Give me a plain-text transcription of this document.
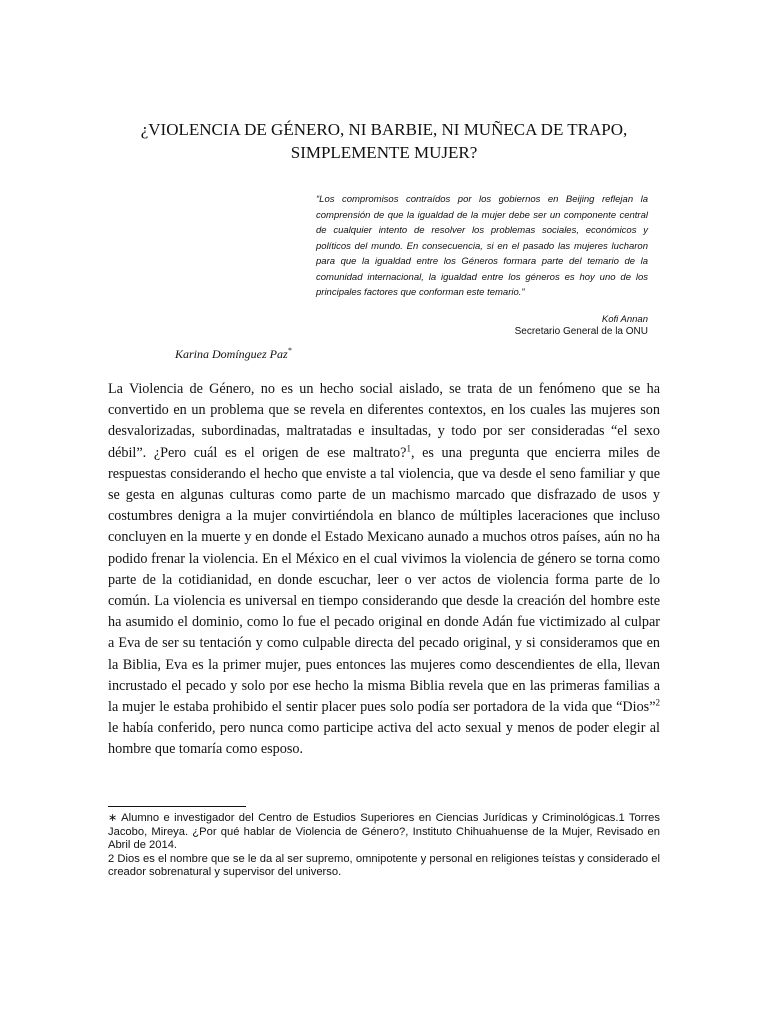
¿VIOLENCIA DE GÉNERO, NI BARBIE, NI MUÑECA DE TRAPO,
SIMPLEMENTE MUJER?
“Los compromisos contraídos por los gobiernos en Beijing reflejan la comprensión de que la igualdad de la mujer debe ser un componente central de cualquier intento de resolver los problemas sociales, económicos y políticos del mundo. En consecuencia, si en el pasado las mujeres lucharon para que la igualdad entre los Géneros formara parte del temario de la comunidad internacional, la igualdad entre los géneros es hoy uno de los principales factores que conforman este temario.”
Kofi Annan
Secretario General de la ONU
Karina Domínguez Paz*

La Violencia de Género, no es un hecho social aislado, se trata de un fenómeno que se ha convertido en un problema que se revela en diferentes contextos, en los cuales las mujeres son desvalorizadas, subordinadas, maltratadas e insultadas, y todo por ser consideradas “el sexo débil”. ¿Pero cuál es el origen de ese maltrato?$^1$, es una pregunta que encierra miles de respuestas considerando el hecho que enviste a tal violencia, que va desde el seno familiar y que se gesta en algunas culturas como parte de un machismo marcado que disfrazado de usos y costumbres denigra a la mujer convirtiéndola en blanco de múltiples laceraciones que incluso concluyen en la muerte y en donde el Estado Mexicano aunado a muchos otros países, aún no ha podido frenar la violencia. En el México en el cual vivimos la violencia de género se torna como parte de la cotidianidad, en donde escuchar, leer o ver actos de violencia forma parte de lo común. La violencia es universal en tiempo considerando que desde la creación del hombre este ha asumido el dominio, como lo fue el pecado original en donde Adán fue victimizado al culpar a Eva de ser su tentación y como culpable directa del pecado original, y si consideramos que en la Biblia, Eva es la primer mujer, pues entonces las mujeres como descendientes de ella, llevan incrustado el pecado y solo por ese hecho la misma Biblia revela que en las primeras familias a la mujer le estaba prohibido el sentir placer pues solo podía ser portadora de la vida que “Dios”$^2$ le había conferido, pero nunca como participe activa del acto sexual y menos de poder elegir al hombre que tomaría como esposo.

∗ Alumno e investigador del Centro de Estudios Superiores en Ciencias Jurídicas y Criminológicas.1 Torres Jacobo, Mireya. ¿Por qué hablar de Violencia de Género?, Instituto Chihuahuense de la Mujer, Revisado en Abril de 2014.

2 Dios es el nombre que se le da al ser supremo, omnipotente y personal en religiones teístas y considerado el creador sobrenatural y supervisor del universo.
